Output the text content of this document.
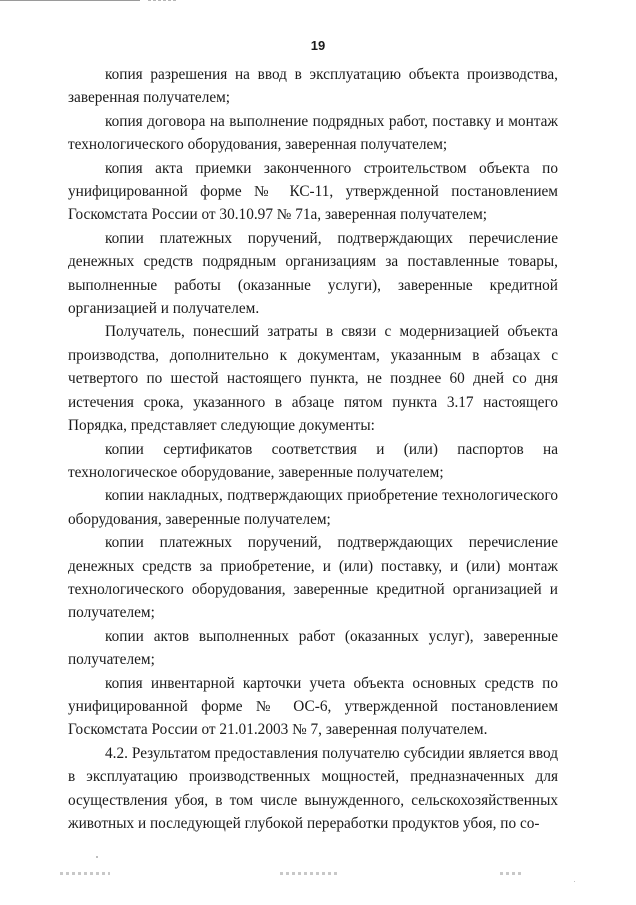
19

копия разрешения на ввод в эксплуатацию объекта производства, заверенная получателем;

копия договора на выполнение подрядных работ, поставку и монтаж технологического оборудования, заверенная получателем;

копия акта приемки законченного строительством объекта по унифицированной форме № КС-11, утвержденной постановлением Госкомстата России от 30.10.97 № 71а, заверенная получателем;

копии платежных поручений, подтверждающих перечисление денежных средств подрядным организациям за поставленные товары, выполненные работы (оказанные услуги), заверенные кредитной организацией и получателем.

Получатель, понесший затраты в связи с модернизацией объекта производства, дополнительно к документам, указанным в абзацах с четвертого по шестой настоящего пункта, не позднее 60 дней со дня истечения срока, указанного в абзаце пятом пункта 3.17 настоящего Порядка, представляет следующие документы:

копии сертификатов соответствия и (или) паспортов на технологическое оборудование, заверенные получателем;

копии накладных, подтверждающих приобретение технологического оборудования, заверенные получателем;

копии платежных поручений, подтверждающих перечисление денежных средств за приобретение, и (или) поставку, и (или) монтаж технологического оборудования, заверенные кредитной организацией и получателем;

копии актов выполненных работ (оказанных услуг), заверенные получателем;

копия инвентарной карточки учета объекта основных средств по унифицированной форме № ОС-6, утвержденной постановлением Госкомстата России от 21.01.2003 № 7, заверенная получателем.

4.2. Результатом предоставления получателю субсидии является ввод в эксплуатацию производственных мощностей, предназначенных для осуществления убоя, в том числе вынужденного, сельскохозяйственных животных и последующей глубокой переработки продуктов убоя, по со-
